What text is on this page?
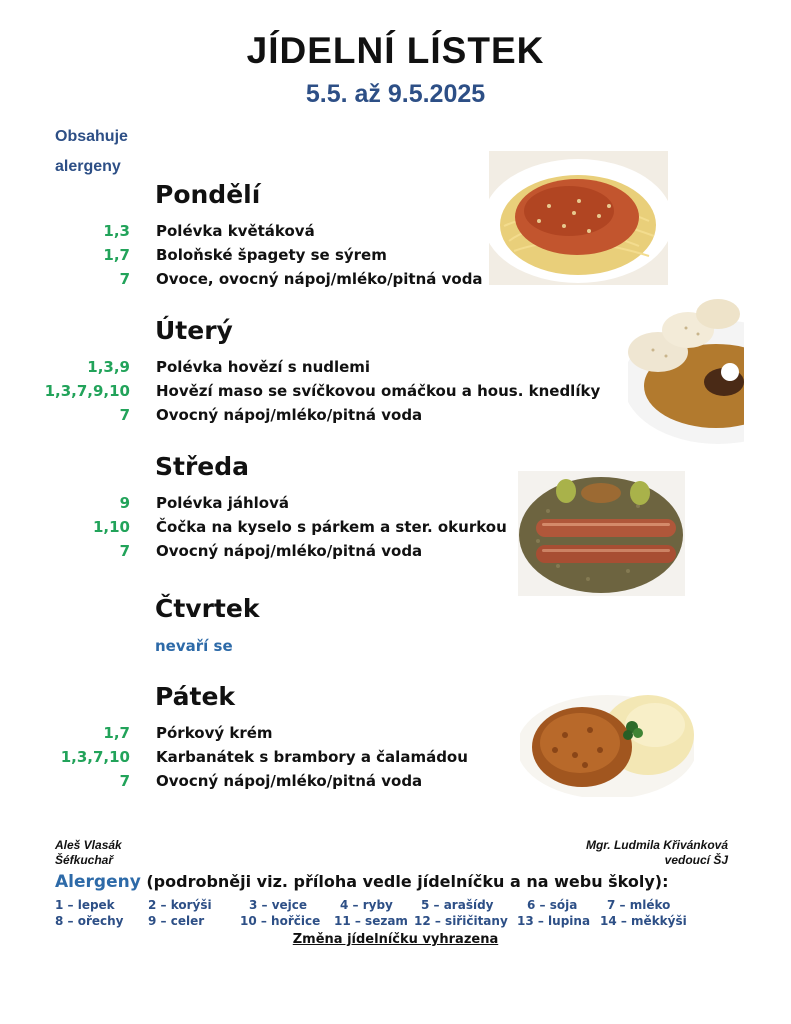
JÍDELNÍ LÍSTEK
5.5. až 9.5.2025
Obsahuje
alergeny
Pondělí
1,3 Polévka květáková
1,7 Boloňské špagety se sýrem
7 Ovoce, ovocný nápoj/mléko/pitná voda
Úterý
1,3,9 Polévka hovězí s nudlemi
1,3,7,9,10 Hovězí maso se svíčkovou omáčkou a hous. knedlíky
7 Ovocný nápoj/mléko/pitná voda
Středa
9 Polévka jáhlová
1,10 Čočka na kyselo s párkem a ster. okurkou
7 Ovocný nápoj/mléko/pitná voda
Čtvrtek
nevaří se
Pátek
1,7 Pórkový krém
1,3,7,10 Karbanátek s brambory a čalamádou
7 Ovocný nápoj/mléko/pitná voda
Aleš Vlasák
Šéfkuchař
Mgr. Ludmila Křivánková
vedoucí ŠJ
Alergeny (podrobněji viz. příloha vedle jídelníčku a na webu školy):
1 – lepek	2 – korýši	3 – vejce	4 – ryby 5 – arašídy	6 – sója 7 – mléko
8 – ořechy 9 – celer	10 – hořčice 11 – sezam 12 – siřičitany 13 – lupina 14 – měkkýši
Změna jídelníčku vyhrazena
